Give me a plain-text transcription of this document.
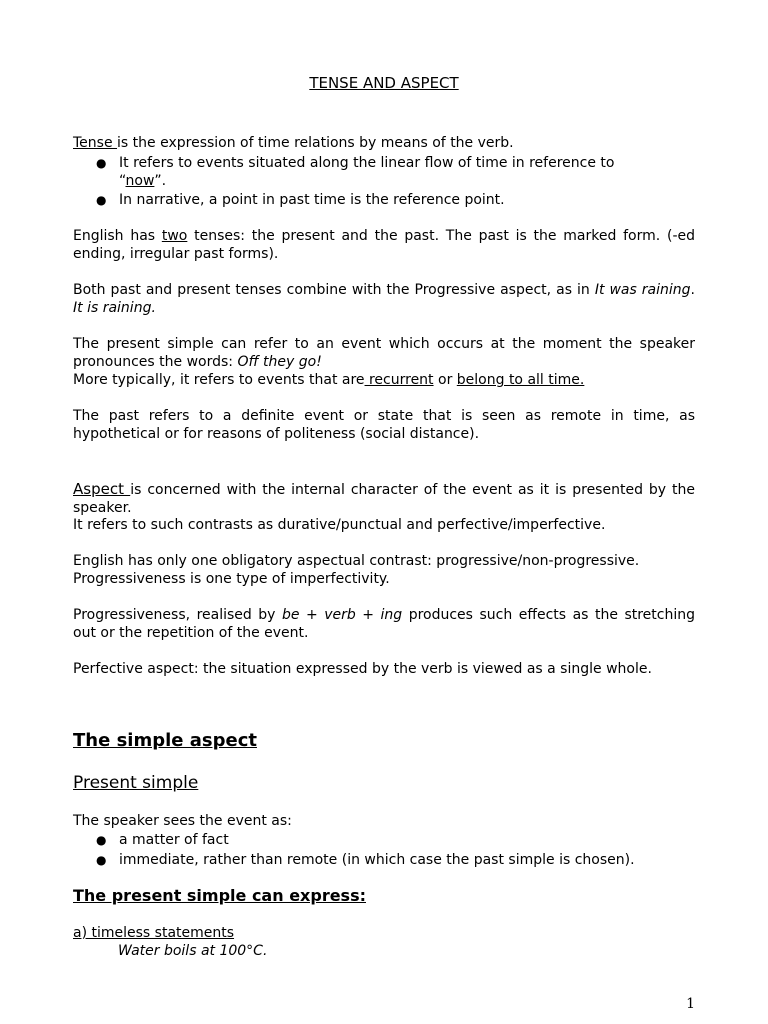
TENSE AND ASPECT
Tense is the expression of time relations by means of the verb.
● It refers to events situated along the linear flow of time in reference to
“now”.
● In narrative, a point in past time is the reference point.
English has two tenses: the present and the past. The past is the marked form. (-ed ending, irregular past forms).
Both past and present tenses combine with the Progressive aspect, as in It was raining. It is raining.
The present simple can refer to an event which occurs at the moment the speaker pronounces the words: Off they go!
More typically, it refers to events that are recurrent or belong to all time.
The past refers to a definite event or state that is seen as remote in time, as hypothetical or for reasons of politeness (social distance).
Aspect is concerned with the internal character of the event as it is presented by the speaker.
It refers to such contrasts as durative/punctual and perfective/imperfective.
English has only one obligatory aspectual contrast: progressive/non-progressive.
Progressiveness is one type of imperfectivity.
Progressiveness, realised by be + verb + ing produces such effects as the stretching out or the repetition of the event.
Perfective aspect: the situation expressed by the verb is viewed as a single whole.
The simple aspect
Present simple
The speaker sees the event as:
● a matter of fact
● immediate, rather than remote (in which case the past simple is chosen).
The present simple can express:
a) timeless statements
Water boils at 100°C.
1
